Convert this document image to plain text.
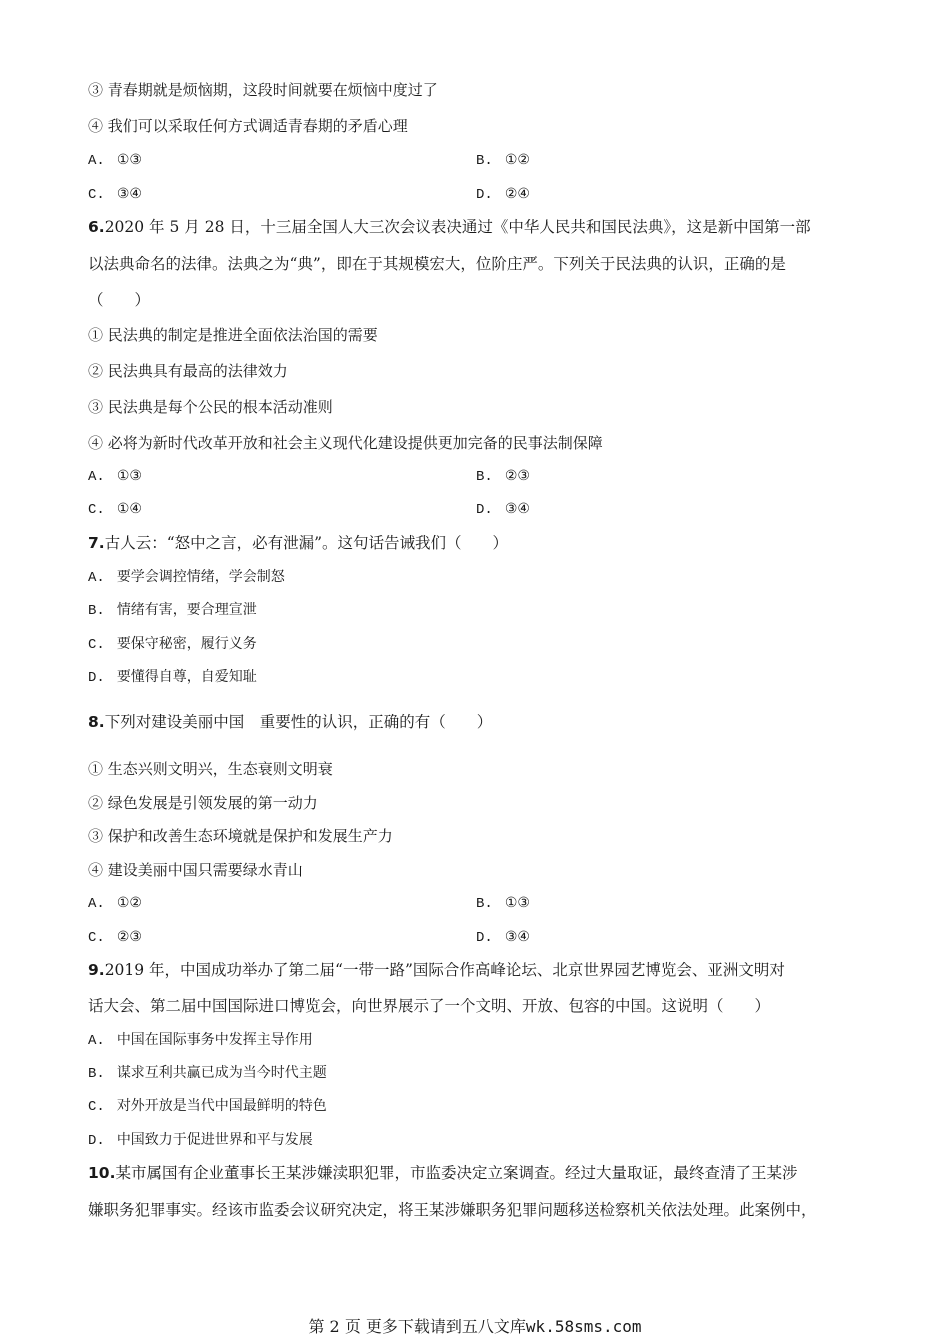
③ 青春期就是烦恼期，这段时间就要在烦恼中度过了
④ 我们可以采取任何方式调适青春期的矛盾心理
A. ①③	B. ①②
C. ③④	D. ②④
6.2020 年 5 月 28 日，十三届全国人大三次会议表决通过《中华人民共和国民法典》，这是新中国第一部
以法典命名的法律。法典之为“典”，即在于其规模宏大，位阶庄严。下列关于民法典的认识，正确的是
（　　）
① 民法典的制定是推进全面依法治国的需要
② 民法典具有最高的法律效力
③ 民法典是每个公民的根本活动准则
④ 必将为新时代改革开放和社会主义现代化建设提供更加完备的民事法制保障
A. ①③	B. ②③
C. ①④	D. ③④
7.古人云：“怒中之言，必有泄漏”。这句话告诫我们（　　）
A. 要学会调控情绪，学会制怒
B. 情绪有害，要合理宣泄
C. 要保守秘密，履行义务
D. 要懂得自尊，自爱知耻
8.下列对建设美丽中国　重要性的认识，正确的有（　　）
① 生态兴则文明兴，生态衰则文明衰
② 绿色发展是引领发展的第一动力
③ 保护和改善生态环境就是保护和发展生产力
④ 建设美丽中国只需要绿水青山
A. ①②	B. ①③
C. ②③	D. ③④
9.2019 年，中国成功举办了第二届“一带一路”国际合作高峰论坛、北京世界园艺博览会、亚洲文明对
话大会、第二届中国国际进口博览会，向世界展示了一个文明、开放、包容的中国。这说明（　　）
A. 中国在国际事务中发挥主导作用
B. 谋求互利共赢已成为当今时代主题
C. 对外开放是当代中国最鲜明的特色
D. 中国致力于促进世界和平与发展
10.某市属国有企业董事长王某涉嫌渎职犯罪，市监委决定立案调查。经过大量取证，最终查清了王某涉
嫌职务犯罪事实。经该市监委会议研究决定，将王某涉嫌职务犯罪问题移送检察机关依法处理。此案例中，
第 2 页 更多下载请到五八文库wk.58sms.com
